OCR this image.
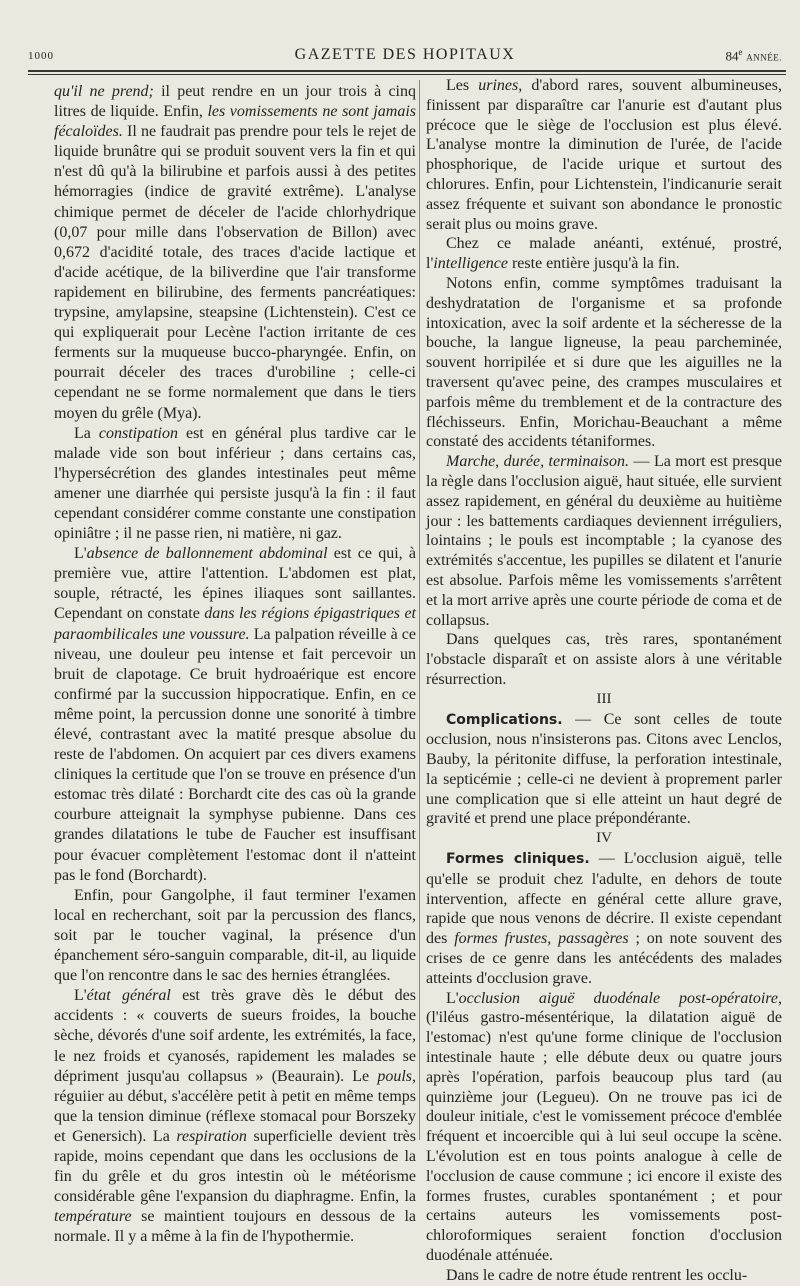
1000	GAZETTE DES HOPITAUX	84e ANNÉE.

qu'il ne prend; il peut rendre en un jour trois à cinq litres de liquide. Enfin, les vomissements ne sont jamais fécaloïdes. Il ne faudrait pas prendre pour tels le rejet de liquide brunâtre qui se produit souvent vers la fin et qui n'est dû qu'à la bilirubine et parfois aussi à des petites hémorragies (indice de gravité extrême). L'analyse chimique permet de déceler de l'acide chlorhydrique (0,07 pour mille dans l'observation de Billon) avec 0,672 d'acidité totale, des traces d'acide lactique et d'acide acétique, de la biliverdine que l'air transforme rapidement en bilirubine, des ferments pancréatiques: trypsine, amylapsine, steapsine (Lichtenstein). C'est ce qui expliquerait pour Lecène l'action irritante de ces ferments sur la muqueuse bucco-pharyngée. Enfin, on pourrait déceler des traces d'urobiline ; celle-ci cependant ne se forme normalement que dans le tiers moyen du grêle (Mya).

La constipation est en général plus tardive car le malade vide son bout inférieur ; dans certains cas, l'hypersécrétion des glandes intestinales peut même amener une diarrhée qui persiste jusqu'à la fin : il faut cependant considérer comme constante une constipation opiniâtre ; il ne passe rien, ni matière, ni gaz.

L'absence de ballonnement abdominal est ce qui, à première vue, attire l'attention. L'abdomen est plat, souple, rétracté, les épines iliaques sont saillantes. Cependant on constate dans les régions épigastriques et paraombilicales une voussure. La palpation réveille à ce niveau, une douleur peu intense et fait percevoir un bruit de clapotage. Ce bruit hydroaérique est encore confirmé par la succussion hippocratique. Enfin, en ce même point, la percussion donne une sonorité à timbre élevé, contrastant avec la matité presque absolue du reste de l'abdomen. On acquiert par ces divers examens cliniques la certitude que l'on se trouve en présence d'un estomac très dilaté : Borchardt cite des cas où la grande courbure atteignait la symphyse pubienne. Dans ces grandes dilatations le tube de Faucher est insuffisant pour évacuer complètement l'estomac dont il n'atteint pas le fond (Borchardt).

Enfin, pour Gangolphe, il faut terminer l'examen local en recherchant, soit par la percussion des flancs, soit par le toucher vaginal, la présence d'un épanchement séro-sanguin comparable, dit-il, au liquide que l'on rencontre dans le sac des hernies étranglées.

L'état général est très grave dès le début des accidents : « couverts de sueurs froides, la bouche sèche, dévorés d'une soif ardente, les extrémités, la face, le nez froids et cyanosés, rapidement les malades se dépriment jusqu'au collapsus » (Beaurain). Le pouls, réguiier au début, s'accélère petit à petit en même temps que la tension diminue (réflexe stomacal pour Borszeky et Genersich). La respiration superficielle devient très rapide, moins cependant que dans les occlusions de la fin du grêle et du gros intestin où le météorisme considérable gêne l'expansion du diaphragme. Enfin, la température se maintient toujours en dessous de la normale. Il y a même à la fin de l'hypothermie.

Les urines, d'abord rares, souvent albumineuses, finissent par disparaître car l'anurie est d'autant plus précoce que le siège de l'occlusion est plus élevé. L'analyse montre la diminution de l'urée, de l'acide phosphorique, de l'acide urique et surtout des chlorures. Enfin, pour Lichtenstein, l'indicanurie serait assez fréquente et suivant son abondance le pronostic serait plus ou moins grave.

Chez ce malade anéanti, exténué, prostré, l'intelligence reste entière jusqu'à la fin.

Notons enfin, comme symptômes traduisant la deshydratation de l'organisme et sa profonde intoxication, avec la soif ardente et la sécheresse de la bouche, la langue ligneuse, la peau parcheminée, souvent horripilée et si dure que les aiguilles ne la traversent qu'avec peine, des crampes musculaires et parfois même du tremblement et de la contracture des fléchisseurs. Enfin, Morichau-Beauchant a même constaté des accidents tétaniformes.

Marche, durée, terminaison. — La mort est presque la règle dans l'occlusion aiguë, haut située, elle survient assez rapidement, en général du deuxième au huitième jour : les battements cardiaques deviennent irréguliers, lointains ; le pouls est incomptable ; la cyanose des extrémités s'accentue, les pupilles se dilatent et l'anurie est absolue. Parfois même les vomissements s'arrêtent et la mort arrive après une courte période de coma et de collapsus.

Dans quelques cas, très rares, spontanément l'obstacle disparaît et on assiste alors à une véritable résurrection.

III

Complications. — Ce sont celles de toute occlusion, nous n'insisterons pas. Citons avec Lenclos, Bauby, la péritonite diffuse, la perforation intestinale, la septicémie ; celle-ci ne devient à proprement parler une complication que si elle atteint un haut degré de gravité et prend une place prépondérante.

IV

Formes cliniques. — L'occlusion aiguë, telle qu'elle se produit chez l'adulte, en dehors de toute intervention, affecte en général cette allure grave, rapide que nous venons de décrire. Il existe cependant des formes frustes, passagères ; on note souvent des crises de ce genre dans les antécédents des malades atteints d'occlusion grave.

L'occlusion aiguë duodénale post-opératoire, (l'iléus gastro-mésentérique, la dilatation aiguë de l'estomac) n'est qu'une forme clinique de l'occlusion intestinale haute ; elle débute deux ou quatre jours après l'opération, parfois beaucoup plus tard (au quinzième jour (Legueu). On ne trouve pas ici de douleur initiale, c'est le vomissement précoce d'emblée fréquent et incoercible qui à lui seul occupe la scène. L'évolution est en tous points analogue à celle de l'occlusion de cause commune ; ici encore il existe des formes frustes, curables spontanément ; et pour certains auteurs les vomissements post-chloroformiques seraient fonction d'occlusion duodénale atténuée.

Dans le cadre de notre étude rentrent les occlu-
